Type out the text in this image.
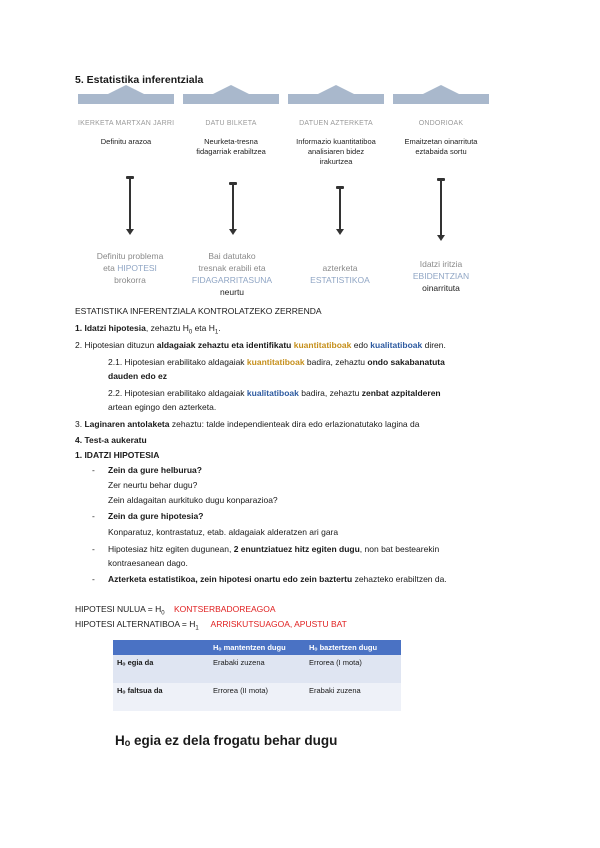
5. Estatistika inferentziala
IKERKETA MARTXAN JARRI
Definitu arazoa
DATU BILKETA
Neurketa-tresna
fidagarriak erabiltzea
DATUEN AZTERKETA
Informazio kuantitatiboa
analisiaren bidez
irakurtzea
ONDORIOAK
Emaitzetan oinarrituta
eztabaida sortu
Definitu problema
eta HIPOTESI
brokorra
Bai datutako
tresnak erabili eta
FIDAGARRITASUNA
neurtu
azterketa
ESTATISTIKOA
Idatzi iritzia
EBIDENTZIAN
oinarrituta
ESTATISTIKA INFERENTZIALA KONTROLATZEKO ZERRENDA
1. Idatzi hipotesia, zehaztu $H_0$ eta $H_1$.
2. Hipotesian dituzun aldagaiak zehaztu eta identifikatu kuantitatiboak edo kualitatiboak diren.
2.1. Hipotesian erabilitako aldagaiak kuantitatiboak badira, zehaztu ondo sakabanatuta
dauden edo ez
2.2. Hipotesian erabilitako aldagaiak kualitatiboak badira, zehaztu zenbat azpitalderen
artean egingo den azterketa.
3. Laginaren antolaketa zehaztu: talde independienteak dira edo erlazionatutako lagina da
4. Test-a aukeratu
1. IDATZI HIPOTESIA
- Zein da gure helburua?
Zer neurtu behar dugu?
Zein aldagaitan aurkituko dugu konparazioa?
- Zein da gure hipotesia?
Konparatuz, kontrastatuz, etab. aldagaiak alderatzen ari gara
- Hipotesiaz hitz egiten dugunean, 2 enuntziatuez hitz egiten dugu, non bat bestearekin
kontraesanean dago.
- Azterketa estatistikoa, zein hipotesi onartu edo zein baztertu zehazteko erabiltzen da.
HIPOTESI NULUA = $H_0$ KONTSERBADOREAGOA
HIPOTESI ALTERNATIBOA = $H_1$ ARRISKUTSUAGOA, APUSTU BAT
	Hₒ mantentzen dugu	Hₒ baztertzen dugu
Hₒ egia da	Erabaki zuzena	Errorea (I mota)
Hₒ faltsua da	Errorea (II mota)	Erabaki zuzena
Hₒ egia ez dela frogatu behar dugu
